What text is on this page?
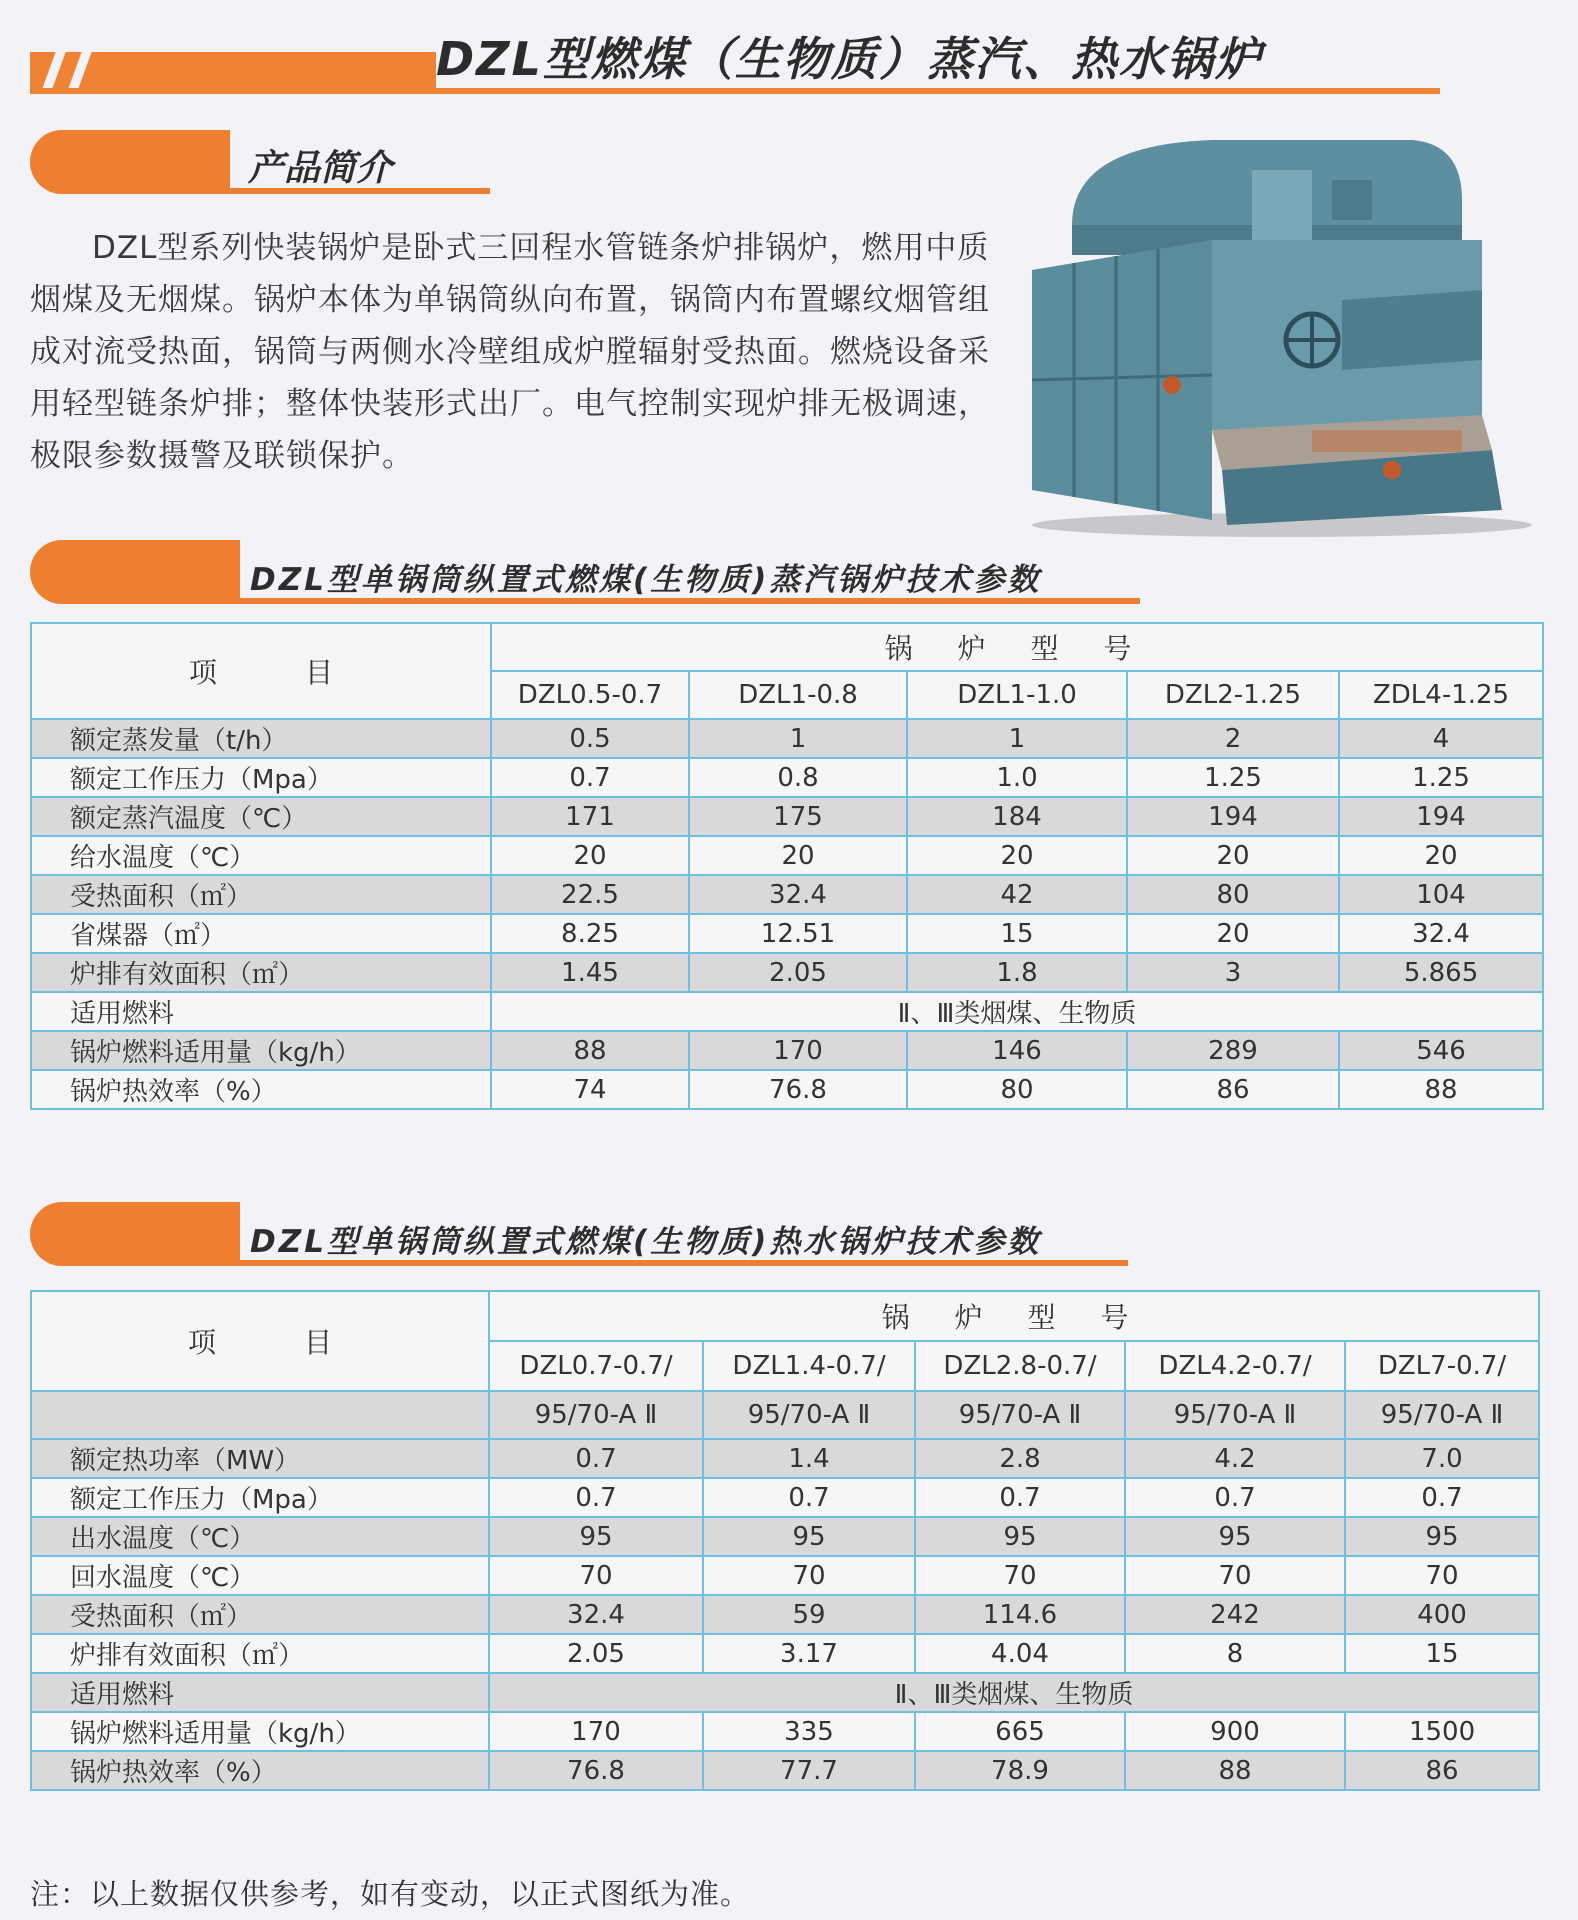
DZL型燃煤（生物质）蒸汽、热水锅炉
产品简介

DZL型系列快装锅炉是卧式三回程水管链条炉排锅炉，燃用中质烟煤及无烟煤。锅炉本体为单锅筒纵向布置，锅筒内布置螺纹烟管组成对流受热面，锅筒与两侧水冷壁组成炉膛辐射受热面。燃烧设备采用轻型链条炉排；整体快装形式出厂。电气控制实现炉排无极调速，极限参数摄警及联锁保护。

DZL型单锅筒纵置式燃煤(生物质)蒸汽锅炉技术参数
项　目	锅 炉 型 号				
	DZL0.5-0.7	DZL1-0.8	DZL1-1.0	DZL2-1.25	ZDL4-1.25
额定蒸发量（t/h）	0.5	1	1	2	4
额定工作压力（Mpa）	0.7	0.8	1.0	1.25	1.25
额定蒸汽温度（℃）	171	175	184	194	194
给水温度（℃）	20	20	20	20	20
受热面积（㎡）	22.5	32.4	42	80	104
省煤器（㎡）	8.25	12.51	15	20	32.4
炉排有效面积（㎡）	1.45	2.05	1.8	3	5.865
适用燃料	Ⅱ、Ⅲ类烟煤、生物质				
锅炉燃料适用量（kg/h）	88	170	146	289	546
锅炉热效率（%）	74	76.8	80	86	88
DZL型单锅筒纵置式燃煤(生物质)热水锅炉技术参数
项　目	锅 炉 型 号				
	DZL0.7-0.7/	DZL1.4-0.7/	DZL2.8-0.7/	DZL4.2-0.7/	DZL7-0.7/
	95/70-A Ⅱ	95/70-A Ⅱ	95/70-A Ⅱ	95/70-A Ⅱ	95/70-A Ⅱ
额定热功率（MW）	0.7	1.4	2.8	4.2	7.0
额定工作压力（Mpa）	0.7	0.7	0.7	0.7	0.7
出水温度（℃）	95	95	95	95	95
回水温度（℃）	70	70	70	70	70
受热面积（㎡）	32.4	59	114.6	242	400
炉排有效面积（㎡）	2.05	3.17	4.04	8	15
适用燃料	Ⅱ、Ⅲ类烟煤、生物质				
锅炉燃料适用量（kg/h）	170	335	665	900	1500
锅炉热效率（%）	76.8	77.7	78.9	88	86
注：以上数据仅供参考，如有变动，以正式图纸为准。
